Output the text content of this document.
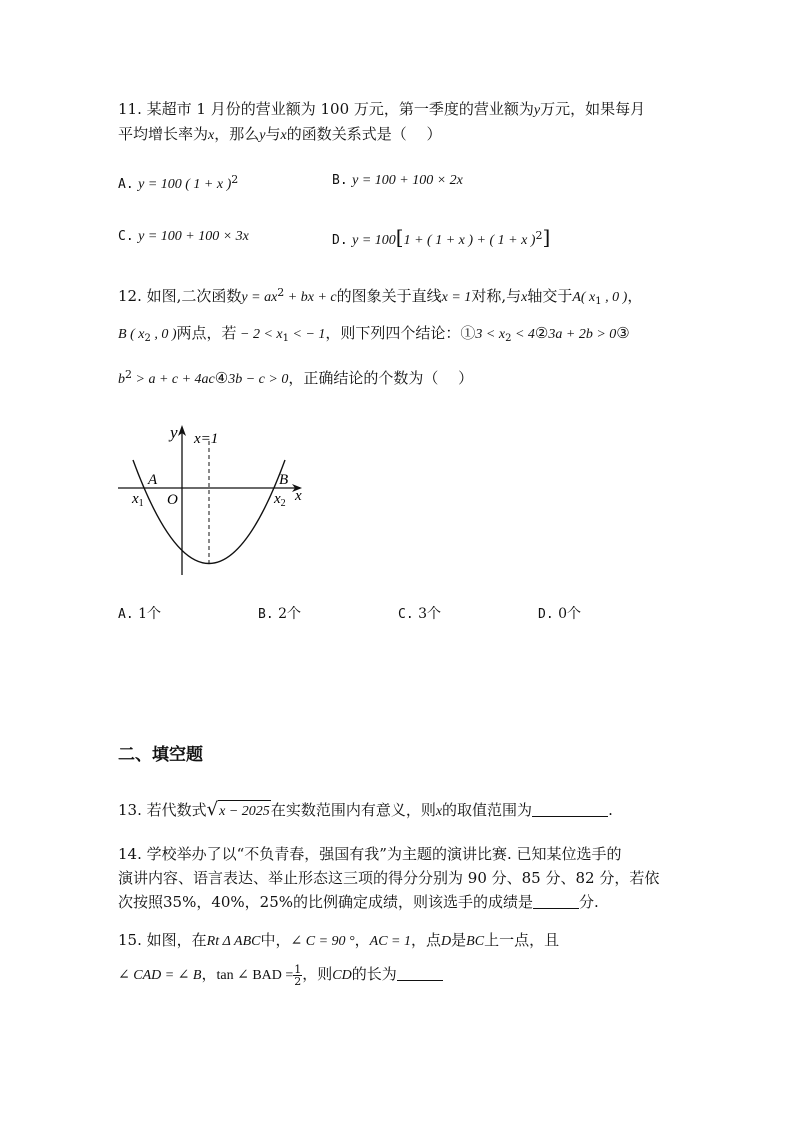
11. 某超市 1 月份的营业额为 100 万元，第一季度的营业额为y万元，如果每月
平均增长率为x，那么y与x的函数关系式是（　 ）
A. y = 100 ( 1 + x )$^2$	B. y = 100 + 100 × 2x
C. y = 100 + 100 × 3x	D. y = 100[1 + ( 1 + x ) + ( 1 + x )$^2$]
12. 如图,二次函数$y = ax^2$ + bx + c的图象关于直线x = 1对称,与x轴交于A( $x_1$ , 0 )，
B ( $x_2$ , 0 )两点，若 − $2 < x_1$ < − 1，则下列四个结论：①3 < $x_2$ < 4②3a + 2b > 0③
$b^2 > a + c$ + 4ac④3b − c > 0，正确结论的个数为（　 ）
y x=1
A	B
$x_1$ O	$x_2$ x
A. 1个	B. 2个	C. 3个	D. 0个
二、填空题
13. 若代数式√x − 2025在实数范围内有意义，则x的取值范围为	.
14. 学校举办了以“不负青春，强国有我”为主题的演讲比赛. 已知某位选手的
演讲内容、语言表达、举止形态这三项的得分分别为 90 分、85 分、82 分，若依
次按照35%，40%，25%的比例确定成绩，则该选手的成绩是	分.
15. 如图，在Rt Δ ABC中，∠ C = 90 °，AC = 1，点D是BC上一点，且
∠ CAD = ∠ B，tan ∠ BAD = $\frac{1}{2}$ ，则CD的长为
